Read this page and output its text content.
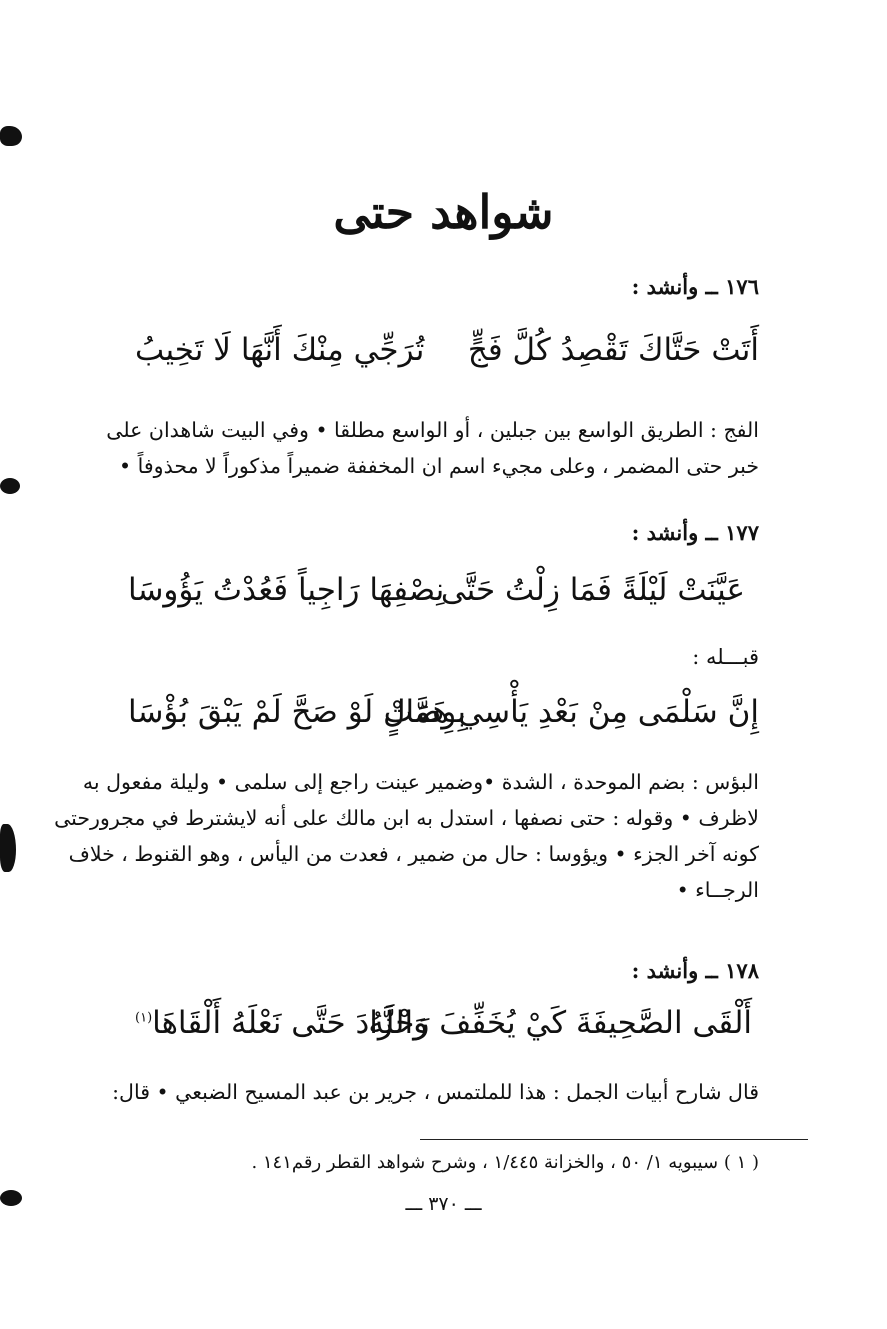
شواهد حتى
١٧٦ ــ وأنشد :
أَتَتْ حَتَّاكَ تَقْصِدُ كُلَّ فَجٍّ
تُرَجِّي مِنْكَ أَنَّهَا لَا تَخِيبُ
الفج : الطريق الواسع بين جبلين ، أو الواسع مطلقا • وفي البيت شاهدان على
خبر حتى المضمر ، وعلى مجيء اسم ان المخففة ضميراً مذكوراً لا محذوفاً •
١٧٧ ــ وأنشد :
عَيَّنَتْ لَيْلَةً فَمَا زِلْتُ حَتَّى
نِصْفِهَا رَاجِياً فَعُدْتُ يَؤُوسَا
قبـــله :
إِنَّ سَلْمَى مِنْ بَعْدِ يَأْسِي هَمَّتْ
بِوِصَالٍ لَوْ صَحَّ لَمْ يَبْقَ بُؤْسَا
البؤس : بضم الموحدة ، الشدة •وضمير عينت راجع إلى سلمى • وليلة مفعول به
لاظرف • وقوله : حتى نصفها ، استدل به ابن مالك على أنه لايشترط في مجرورحتى
كونه آخر الجزء • ويؤوسا : حال من ضمير ، فعدت من اليأس ، وهو القنوط ، خلاف
الرجــاء •
١٧٨ ــ وأنشد :
أَلْقَى الصَّحِيفَةَ كَيْ يُخَفِّفَ رَحْلَهُ
وَالزَّادَ حَتَّى نَعْلَهُ أَلْقَاهَا$^{(١)}$
قال شارح أبيات الجمل : هذا للملتمس ، جرير بن عبد المسيح الضبعي • قال:
( ١ ) سيبويه ١/ ٥٠ ، والخزانة ١/٤٤٥ ، وشرح شواهد القطر رقم١٤١ .
ـــ ٣٧٠ ـــ
